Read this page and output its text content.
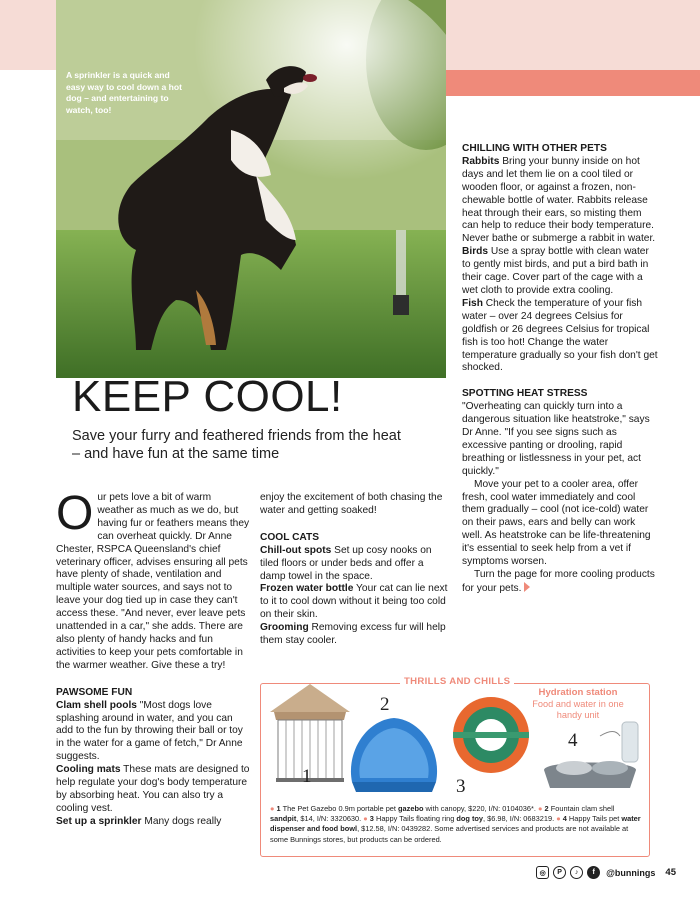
A sprinkler is a quick and easy way to cool down a hot dog – and entertaining to watch, too!
KEEP COOL!
Save your furry and feathered friends from the heat – and have fun at the same time

Our pets love a bit of warm weather as much as we do, but having fur or feathers means they can overheat quickly. Dr Anne Chester, RSPCA Queensland's chief veterinary officer, advises ensuring all pets have plenty of shade, ventilation and multiple water sources, and says not to leave your dog tied up in case they can't access these. "And never, ever leave pets unattended in a car," she adds. There are also plenty of handy hacks and fun activities to keep your pets comfortable in the warmer weather. Give these a try!

PAWSOME FUN

Clam shell pools "Most dogs love splashing around in water, and you can add to the fun by throwing their ball or toy in the water for a game of fetch," Dr Anne suggests.

Cooling mats These mats are designed to help regulate your dog's body temperature by absorbing heat. You can also try a cooling vest.

Set up a sprinkler Many dogs really

enjoy the excitement of both chasing the water and getting soaked!

COOL CATS

Chill-out spots Set up cosy nooks on tiled floors or under beds and offer a damp towel in the space.

Frozen water bottle Your cat can lie next to it to cool down without it being too cold on their skin.

Grooming Removing excess fur will help them stay cooler.

CHILLING WITH OTHER PETS

Rabbits Bring your bunny inside on hot days and let them lie on a cool tiled or wooden floor, or against a frozen, non-chewable bottle of water. Rabbits release heat through their ears, so misting them can help to reduce their body temperature. Never bathe or submerge a rabbit in water.

Birds Use a spray bottle with clean water to gently mist birds, and put a bird bath in their cage. Cover part of the cage with a wet cloth to provide extra cooling.

Fish Check the temperature of your fish water – over 24 degrees Celsius for goldfish or 26 degrees Celsius for tropical fish is too hot! Change the water temperature gradually so your fish don't get shocked.

SPOTTING HEAT STRESS

"Overheating can quickly turn into a dangerous situation like heatstroke," says Dr Anne. "If you see signs such as excessive panting or drooling, rapid breathing or listlessness in your pet, act quickly."

Move your pet to a cooler area, offer fresh, cool water immediately and cool them gradually – cool (not ice-cold) water on their paws, ears and belly can work well. As heatstroke can be life-threatening it's essential to seek help from a vet if symptoms worsen.

Turn the page for more cooling products for your pets.

THRILLS AND CHILLS
Hydration station
Food and water in one handy unit
1
2
3
4
● 1 The Pet Gazebo 0.9m portable pet gazebo with canopy, $220, I/N: 0104036*. ● 2 Fountain clam shell sandpit, $14, I/N: 3320630. ● 3 Happy Tails floating ring dog toy, $6.98, I/N: 0683219. ● 4 Happy Tails pet water dispenser and food bowl, $12.58, I/N: 0439282. Some advertised services and products are not available at some Bunnings stores, but products can be ordered.
◎	P	♪	f	@bunnings 45
